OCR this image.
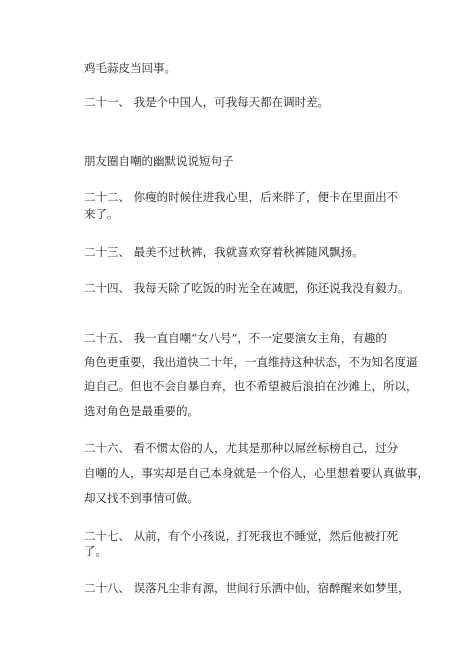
鸡毛蒜皮当回事。
二十一、 我是个中国人，可我每天都在调时差。
朋友圈自嘲的幽默说说短句子
二十二、 你瘦的时候住进我心里，后来胖了，便卡在里面出不
来了。
二十三、 最美不过秋裤，我就喜欢穿着秋裤随风飘扬。
二十四、 我每天除了吃饭的时光全在减肥，你还说我没有毅力。
二十五、 我一直自嘲“女八号”，不一定要演女主角，有趣的
角色更重要，我出道快二十年，一直维持这种状态，不为知名度逼
迫自己。但也不会自暴自弃，也不希望被后浪拍在沙滩上，所以，
选对角色是最重要的。
二十六、 看不惯太俗的人，尤其是那种以屌丝标榜自己，过分
自嘲的人，事实却是自己本身就是一个俗人，心里想着要认真做事，
却又找不到事情可做。
二十七、 从前，有个小孩说，打死我也不睡觉，然后他被打死
了。
二十八、 误落凡尘非有源，世间行乐洒中仙，宿醉醒来如梦里，
